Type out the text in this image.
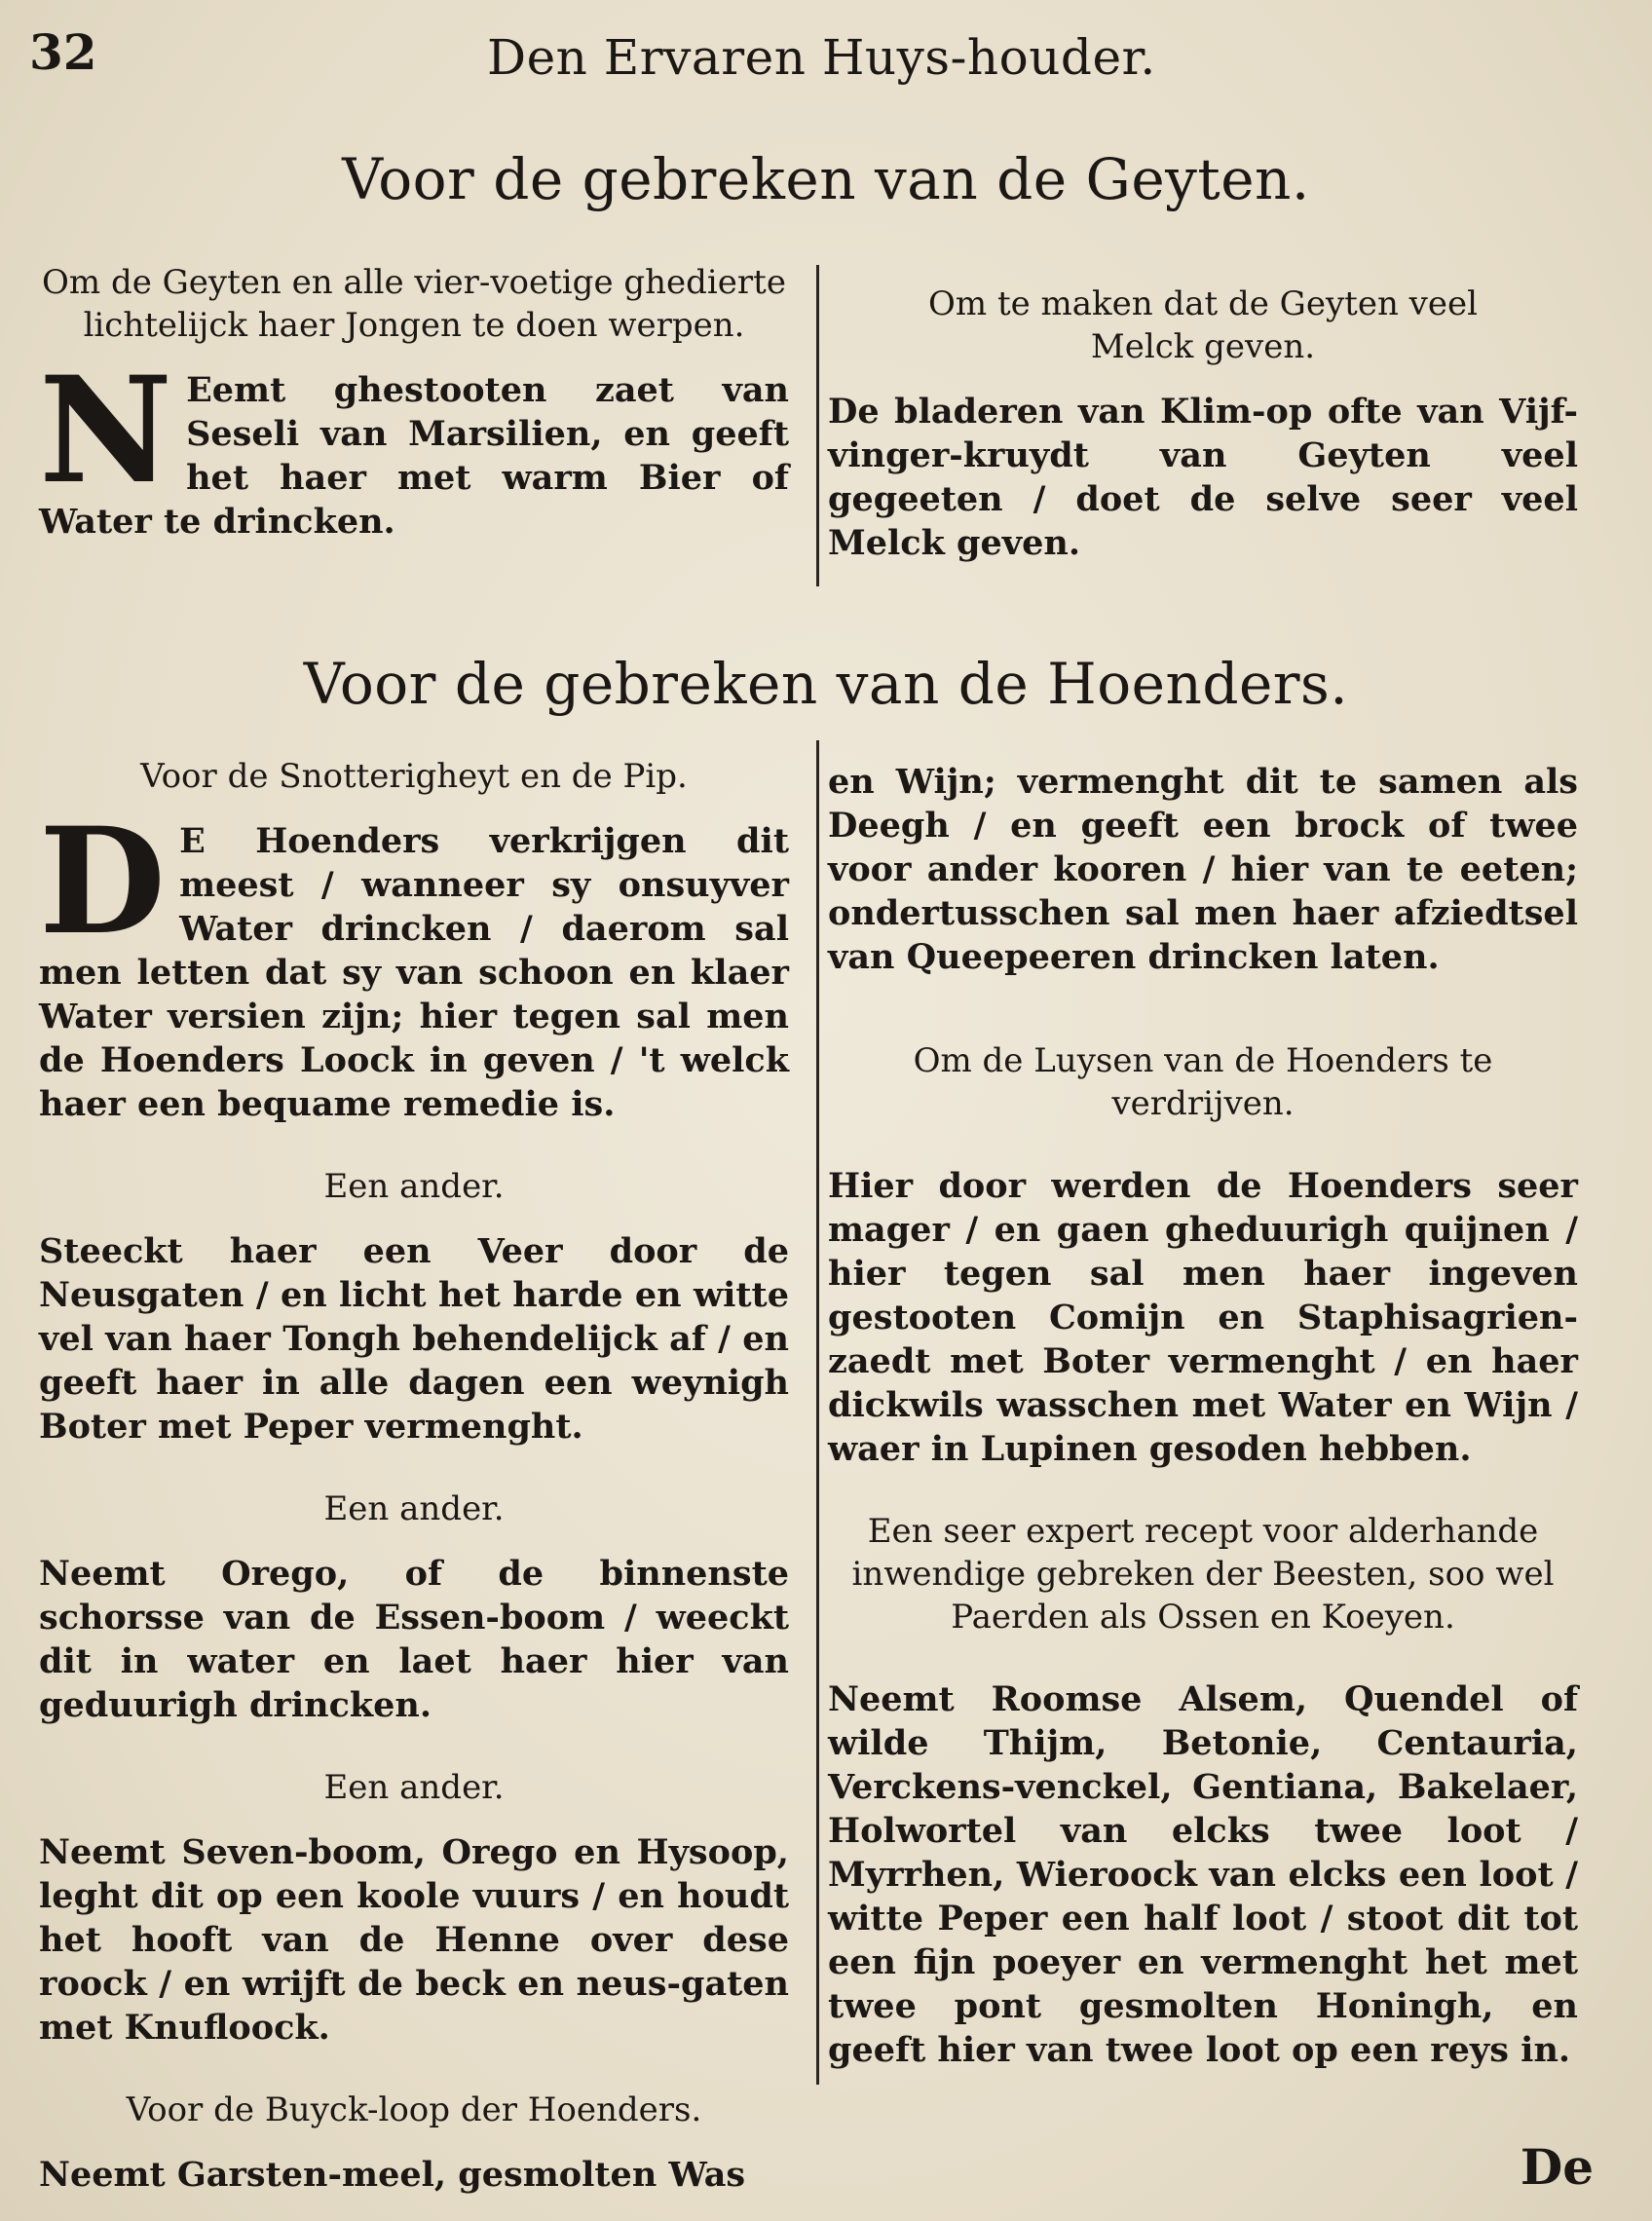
32	Den Ervaren Huys-houder.
Voor de gebreken van de Geyten.
Om de Geyten en alle vier-voetige ghedierte lichtelijck haer Jongen te doen werpen.
N Eemt ghestooten zaet van Seseli van Marsilien, en geeft het haer met warm Bier of Water te drincken.
Om te maken dat de Geyten veel Melck geven.
De bladeren van Klim-op ofte van Vijf-vinger-kruydt van Geyten veel gegeeten / doet de selve seer veel Melck geven.
Voor de gebreken van de Hoenders.
Voor de Snotterigheyt en de Pip.
D E Hoenders verkrijgen dit meest / wanneer sy onsuyver Water drincken / daerom sal men letten dat sy van schoon en klaer Water versien zijn; hier tegen sal men de Hoenders Loock in geven / 't welck haer een bequame remedie is.
Een ander.
Steeckt haer een Veer door de Neusgaten / en licht het harde en witte vel van haer Tongh behendelijck af / en geeft haer in alle dagen een weynigh Boter met Peper vermenght.
Een ander.
Neemt Orego, of de binnenste schorsse van de Essen-boom / weeckt dit in water en laet haer hier van geduurigh drincken.
Een ander.
Neemt Seven-boom, Orego en Hysoop, leght dit op een koole vuurs / en houdt het hooft van de Henne over dese roock / en wrijft de beck en neus-gaten met Knufloock.
Voor de Buyck-loop der Hoenders.
Neemt Garsten-meel, gesmolten Was
en Wijn; vermenght dit te samen als Deegh / en geeft een brock of twee voor ander kooren / hier van te eeten; ondertusschen sal men haer afziedtsel van Queepeeren drincken laten.
Om de Luysen van de Hoenders te verdrijven.
Hier door werden de Hoenders seer mager / en gaen gheduurigh quijnen / hier tegen sal men haer ingeven gestooten Comijn en Staphisagrien-zaedt met Boter vermenght / en haer dickwils wasschen met Water en Wijn / waer in Lupinen gesoden hebben.
Een seer expert recept voor alderhande inwendige gebreken der Beesten, soo wel Paerden als Ossen en Koeyen.
Neemt Roomse Alsem, Quendel of wilde Thijm, Betonie, Centauria, Verckens-venckel, Gentiana, Bakelaer, Holwortel van elcks twee loot / Myrrhen, Wieroock van elcks een loot / witte Peper een half loot / stoot dit tot een fijn poeyer en vermenght het met twee pont gesmolten Honingh, en geeft hier van twee loot op een reys in.
De
